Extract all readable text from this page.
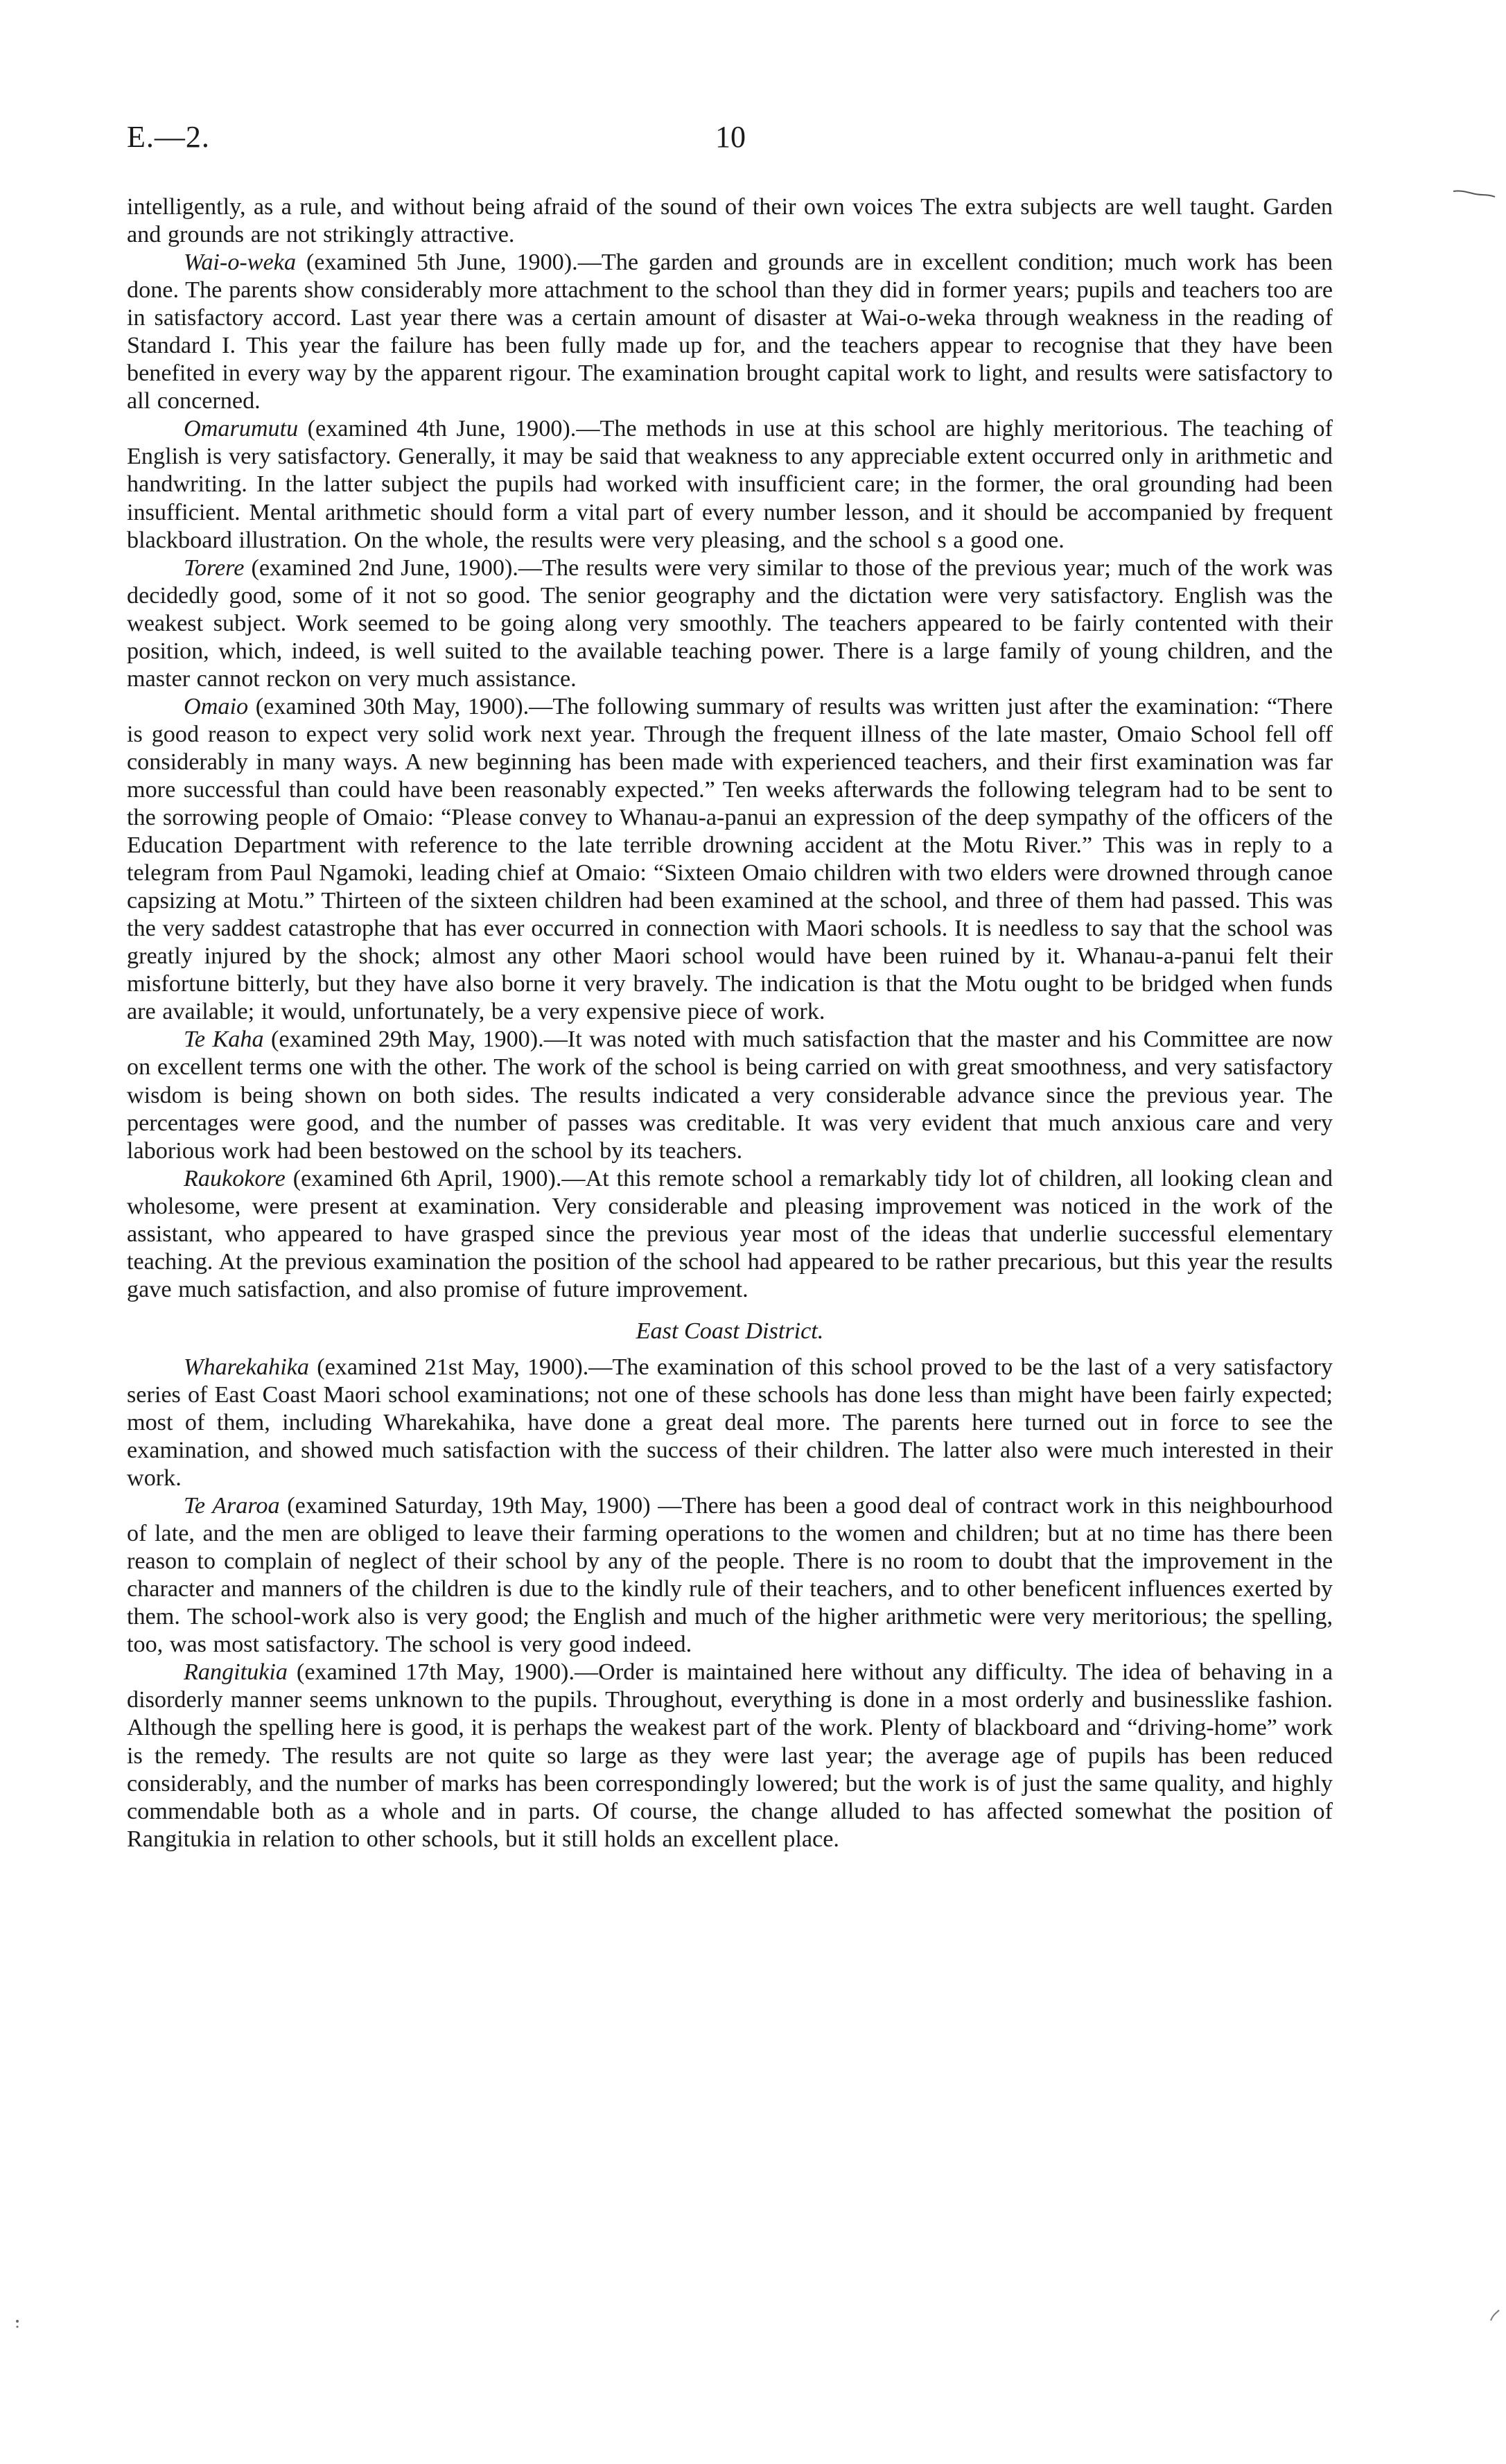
E.—2.	10

intelligently, as a rule, and without being afraid of the sound of their own voices The extra subjects are well taught. Garden and grounds are not strikingly attractive.

Wai-o-weka (examined 5th June, 1900).—The garden and grounds are in excellent condition; much work has been done. The parents show considerably more attachment to the school than they did in former years; pupils and teachers too are in satisfactory accord. Last year there was a certain amount of disaster at Wai-o-weka through weakness in the reading of Standard I. This year the failure has been fully made up for, and the teachers appear to recognise that they have been benefited in every way by the apparent rigour. The examination brought capital work to light, and results were satisfactory to all concerned.

Omarumutu (examined 4th June, 1900).—The methods in use at this school are highly meritorious. The teaching of English is very satisfactory. Generally, it may be said that weakness to any appreciable extent occurred only in arithmetic and handwriting. In the latter subject the pupils had worked with insufficient care; in the former, the oral grounding had been insufficient. Mental arithmetic should form a vital part of every number lesson, and it should be accompanied by frequent blackboard illustration. On the whole, the results were very pleasing, and the school s a good one.

Torere (examined 2nd June, 1900).—The results were very similar to those of the previous year; much of the work was decidedly good, some of it not so good. The senior geography and the dictation were very satisfactory. English was the weakest subject. Work seemed to be going along very smoothly. The teachers appeared to be fairly contented with their position, which, indeed, is well suited to the available teaching power. There is a large family of young children, and the master cannot reckon on very much assistance.

Omaio (examined 30th May, 1900).—The following summary of results was written just after the examination: “There is good reason to expect very solid work next year. Through the frequent illness of the late master, Omaio School fell off considerably in many ways. A new beginning has been made with experienced teachers, and their first examination was far more successful than could have been reasonably expected.” Ten weeks afterwards the following telegram had to be sent to the sorrowing people of Omaio: “Please convey to Whanau-a-panui an expression of the deep sympathy of the officers of the Education Department with reference to the late terrible drowning accident at the Motu River.” This was in reply to a telegram from Paul Ngamoki, leading chief at Omaio: “Sixteen Omaio children with two elders were drowned through canoe capsizing at Motu.” Thirteen of the sixteen children had been examined at the school, and three of them had passed. This was the very saddest catastrophe that has ever occurred in connection with Maori schools. It is needless to say that the school was greatly injured by the shock; almost any other Maori school would have been ruined by it. Whanau-a-panui felt their misfortune bitterly, but they have also borne it very bravely. The indication is that the Motu ought to be bridged when funds are available; it would, unfortunately, be a very expensive piece of work.

Te Kaha (examined 29th May, 1900).—It was noted with much satisfaction that the master and his Committee are now on excellent terms one with the other. The work of the school is being carried on with great smoothness, and very satisfactory wisdom is being shown on both sides. The results indicated a very considerable advance since the previous year. The percentages were good, and the number of passes was creditable. It was very evident that much anxious care and very laborious work had been bestowed on the school by its teachers.

Raukokore (examined 6th April, 1900).—At this remote school a remarkably tidy lot of children, all looking clean and wholesome, were present at examination. Very considerable and pleasing improvement was noticed in the work of the assistant, who appeared to have grasped since the previous year most of the ideas that underlie successful elementary teaching. At the previous examination the position of the school had appeared to be rather precarious, but this year the results gave much satisfaction, and also promise of future improvement.

East Coast District.

Wharekahika (examined 21st May, 1900).—The examination of this school proved to be the last of a very satisfactory series of East Coast Maori school examinations; not one of these schools has done less than might have been fairly expected; most of them, including Wharekahika, have done a great deal more. The parents here turned out in force to see the examination, and showed much satisfaction with the success of their children. The latter also were much interested in their work.

Te Araroa (examined Saturday, 19th May, 1900) —There has been a good deal of contract work in this neighbourhood of late, and the men are obliged to leave their farming operations to the women and children; but at no time has there been reason to complain of neglect of their school by any of the people. There is no room to doubt that the improvement in the character and manners of the children is due to the kindly rule of their teachers, and to other beneficent influences exerted by them. The school-work also is very good; the English and much of the higher arithmetic were very meritorious; the spelling, too, was most satisfactory. The school is very good indeed.

Rangitukia (examined 17th May, 1900).—Order is maintained here without any difficulty. The idea of behaving in a disorderly manner seems unknown to the pupils. Throughout, everything is done in a most orderly and businesslike fashion. Although the spelling here is good, it is perhaps the weakest part of the work. Plenty of blackboard and “driving-home” work is the remedy. The results are not quite so large as they were last year; the average age of pupils has been reduced considerably, and the number of marks has been correspondingly lowered; but the work is of just the same quality, and highly commendable both as a whole and in parts. Of course, the change alluded to has affected somewhat the position of Rangitukia in relation to other schools, but it still holds an excellent place.
